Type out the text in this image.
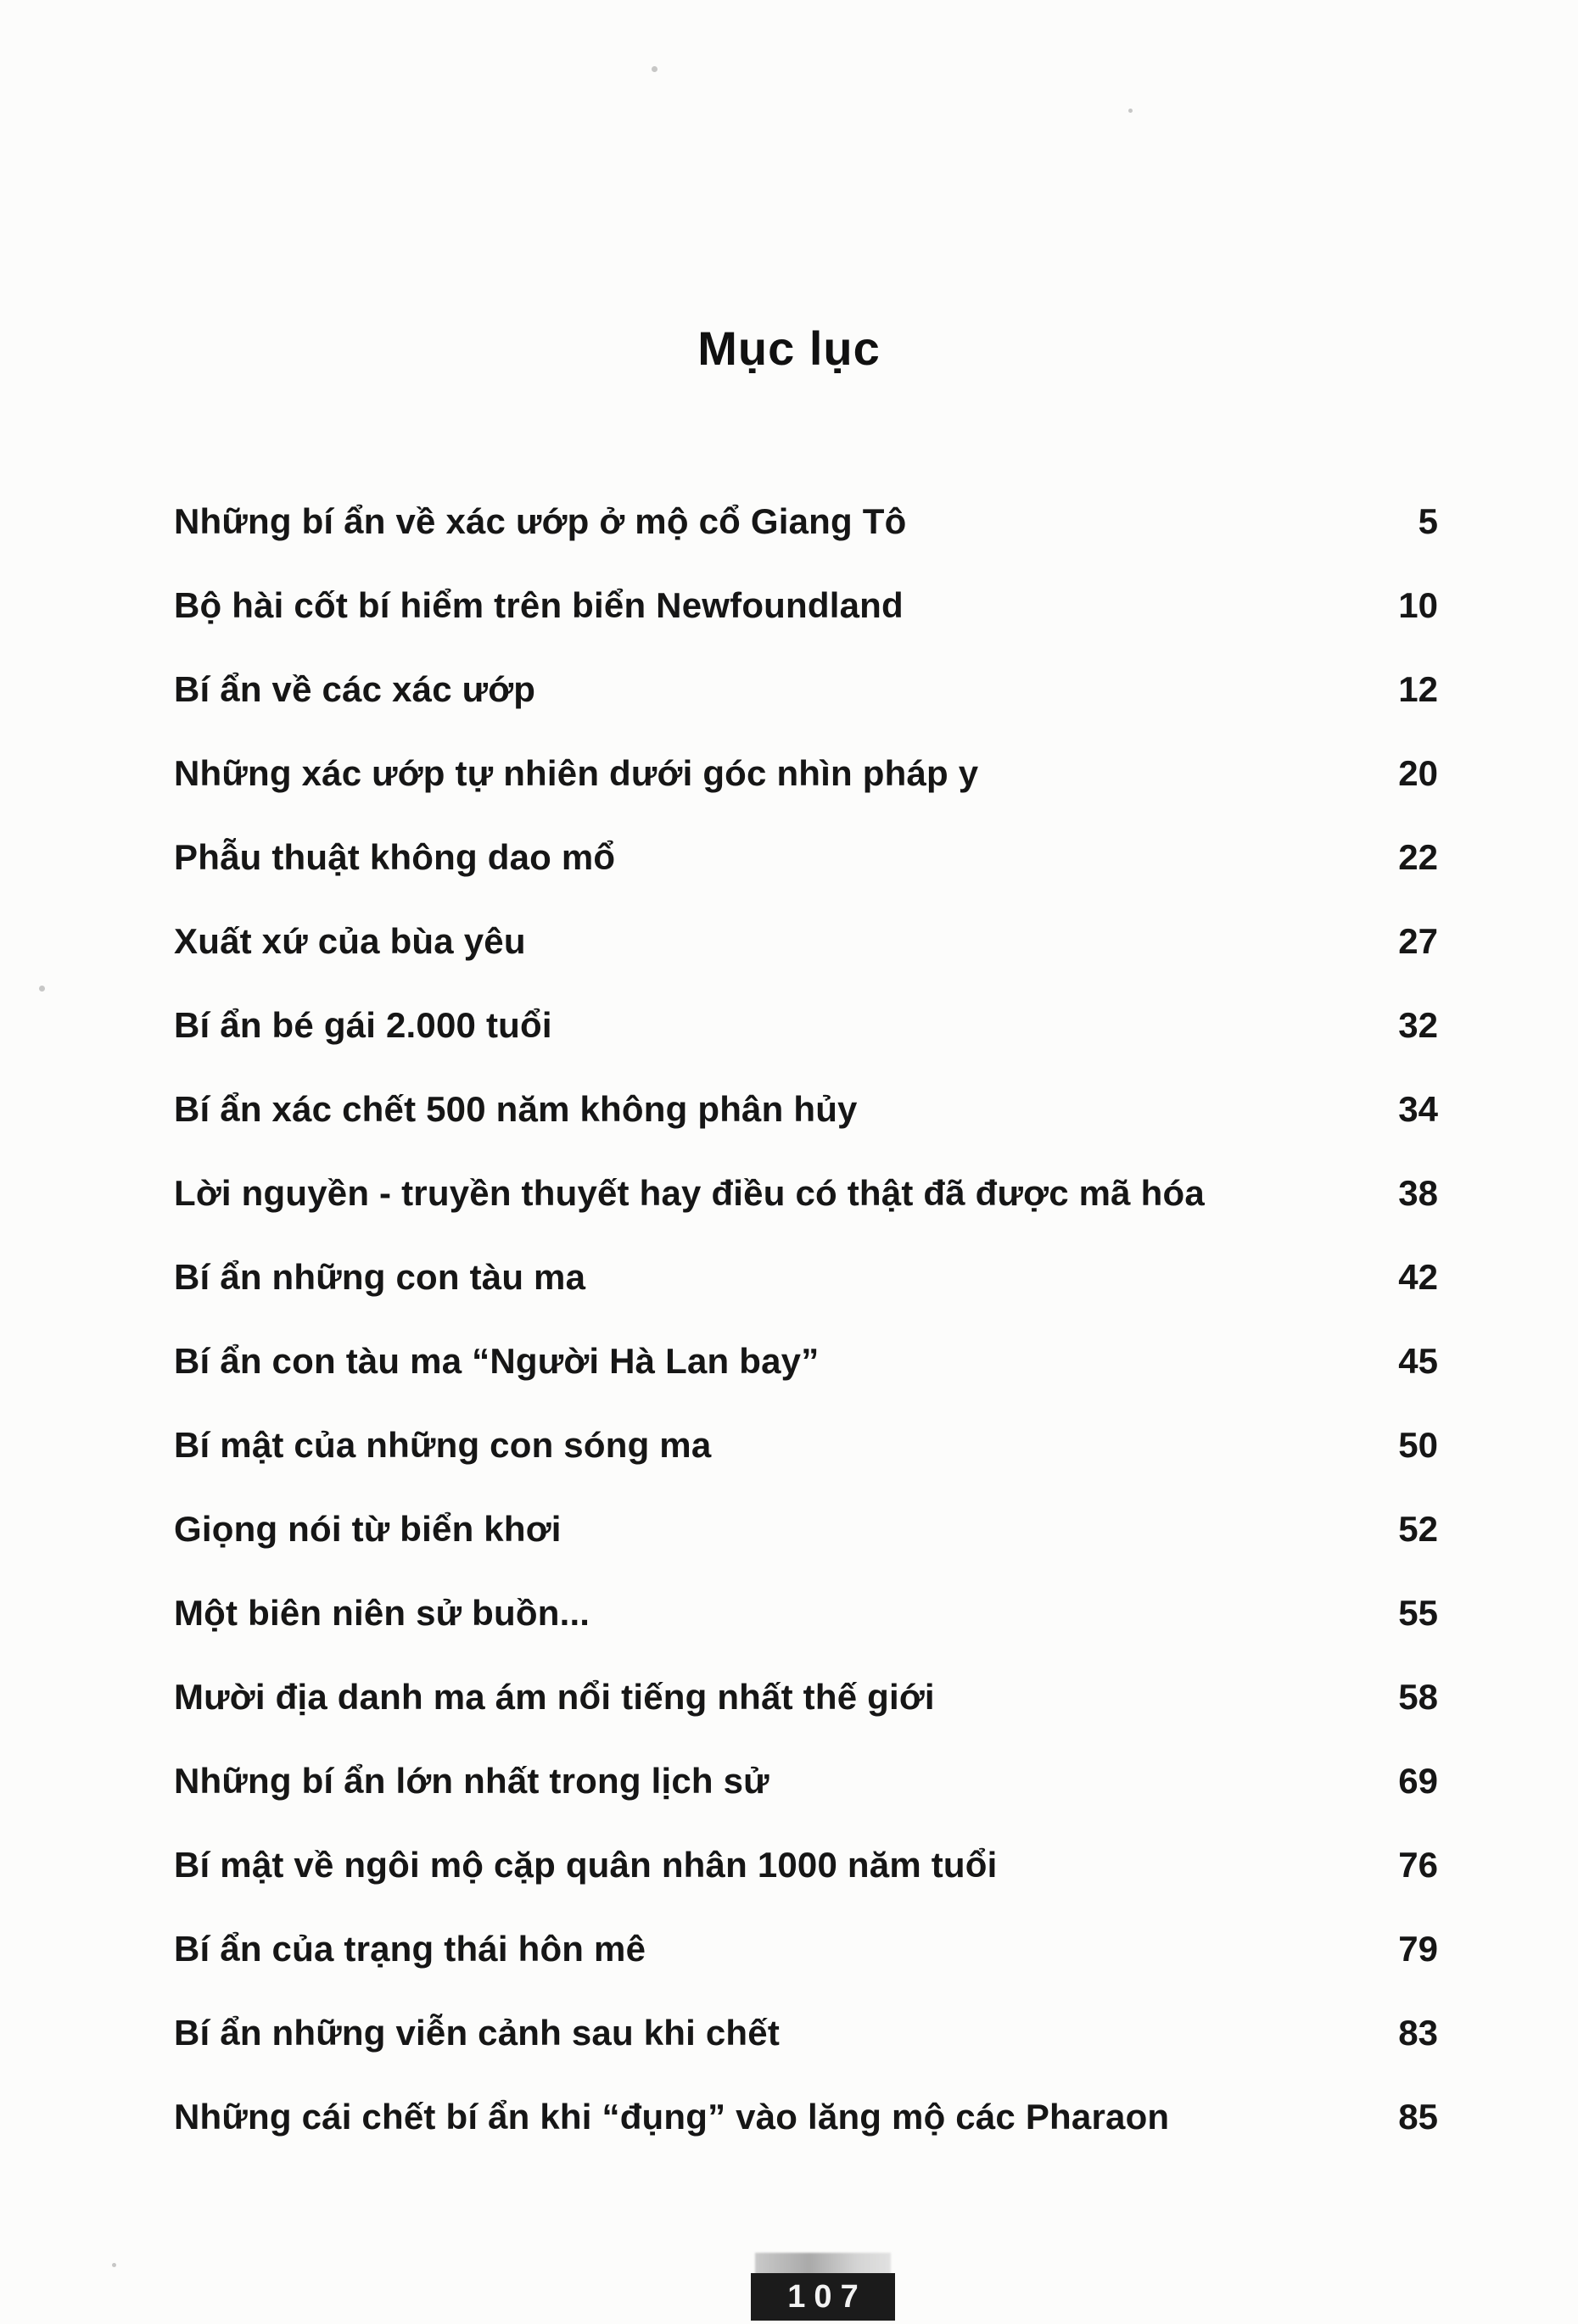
Mục lục
Những bí ẩn về xác ướp ở mộ cổ Giang Tô	5
Bộ hài cốt bí hiểm trên biển Newfoundland	10
Bí ẩn về các xác ướp	12
Những xác ướp tự nhiên dưới góc nhìn pháp y	20
Phẫu thuật không dao mổ	22
Xuất xứ của bùa yêu	27
Bí ẩn bé gái 2.000 tuổi	32
Bí ẩn xác chết 500 năm không phân hủy	34
Lời nguyền - truyền thuyết hay điều có thật đã được mã hóa	38
Bí ẩn những con tàu ma	42
Bí ẩn con tàu ma “Người Hà Lan bay”	45
Bí mật của những con sóng ma	50
Giọng nói từ biển khơi	52
Một biên niên sử buồn...	55
Mười địa danh ma ám nổi tiếng nhất thế giới	58
Những bí ẩn lớn nhất trong lịch sử	69
Bí mật về ngôi mộ cặp quân nhân 1000 năm tuổi	76
Bí ẩn của trạng thái hôn mê	79
Bí ẩn những viễn cảnh sau khi chết	83
Những cái chết bí ẩn khi “đụng” vào lăng mộ các Pharaon	85
107
